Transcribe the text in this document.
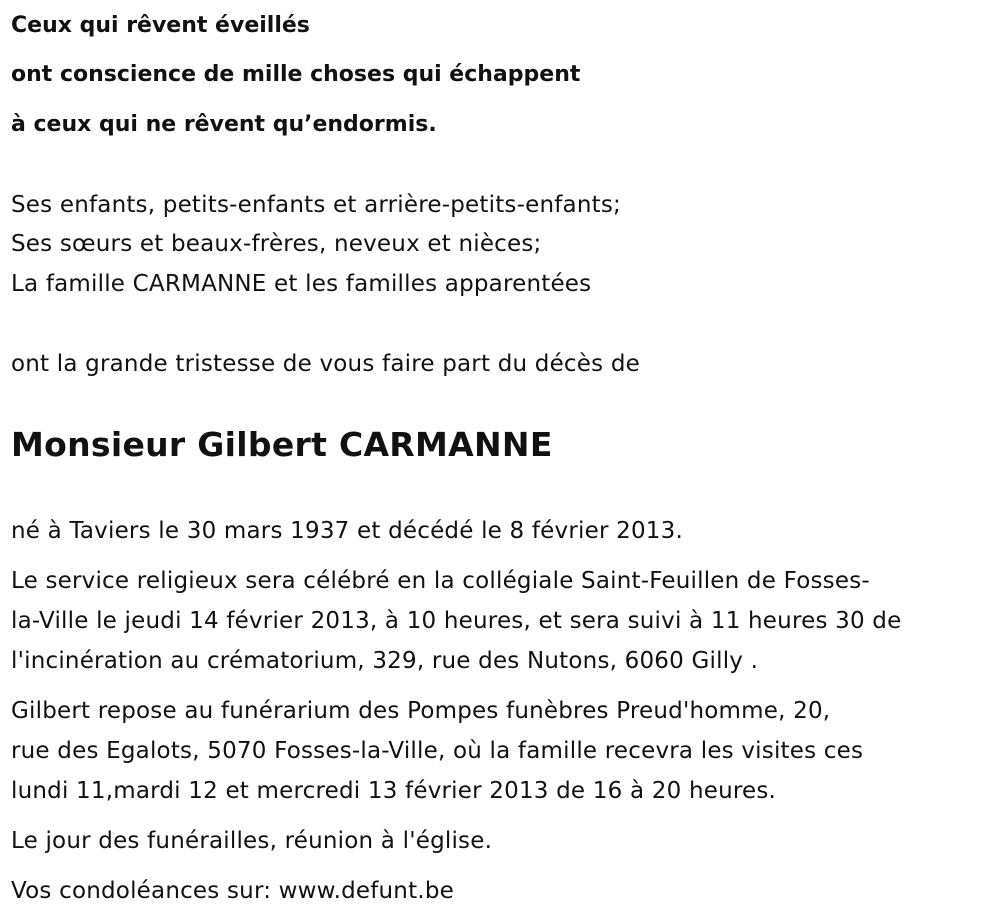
Ceux qui rêvent éveillés
ont conscience de mille choses qui échappent
à ceux qui ne rêvent qu’endormis.
Ses enfants, petits-enfants et arrière-petits-enfants;
Ses sœurs et beaux-frères, neveux et nièces;
La famille CARMANNE et les familles apparentées
ont la grande tristesse de vous faire part du décès de
Monsieur Gilbert CARMANNE
né à Taviers le 30 mars 1937 et décédé le 8 février 2013.
Le service religieux sera célébré en la collégiale Saint-Feuillen de Fosses-
la-Ville le jeudi 14 février 2013, à 10 heures, et sera suivi à 11 heures 30 de
l'incinération au crématorium, 329, rue des Nutons, 6060 Gilly .
Gilbert repose au funérarium des Pompes funèbres Preud'homme, 20,
rue des Egalots, 5070 Fosses-la-Ville, où la famille recevra les visites ces
lundi 11,mardi 12 et mercredi 13 février 2013 de 16 à 20 heures.
Le jour des funérailles, réunion à l'église.
Vos condoléances sur: www.defunt.be
